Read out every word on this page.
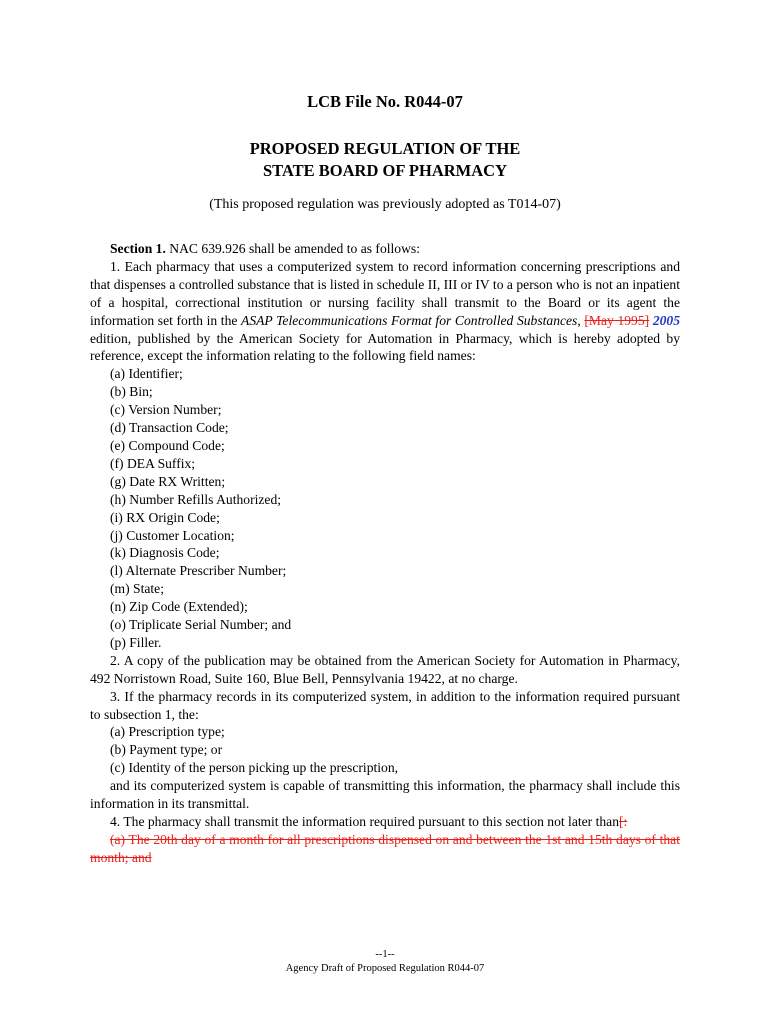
LCB File No. R044-07

PROPOSED REGULATION OF THE

STATE BOARD OF PHARMACY

(This proposed regulation was previously adopted as T014-07)

Section 1. NAC 639.926 shall be amended to as follows:

1. Each pharmacy that uses a computerized system to record information concerning prescriptions and that dispenses a controlled substance that is listed in schedule II, III or IV to a person who is not an inpatient of a hospital, correctional institution or nursing facility shall transmit to the Board or its agent the information set forth in the ASAP Telecommunications Format for Controlled Substances, [May 1995] 2005 edition, published by the American Society for Automation in Pharmacy, which is hereby adopted by reference, except the information relating to the following field names:

(a) Identifier;
(b) Bin;
(c) Version Number;
(d) Transaction Code;
(e) Compound Code;
(f) DEA Suffix;
(g) Date RX Written;
(h) Number Refills Authorized;
(i) RX Origin Code;
(j) Customer Location;
(k) Diagnosis Code;
(l) Alternate Prescriber Number;
(m) State;
(n) Zip Code (Extended);
(o) Triplicate Serial Number; and
(p) Filler.

2. A copy of the publication may be obtained from the American Society for Automation in Pharmacy, 492 Norristown Road, Suite 160, Blue Bell, Pennsylvania 19422, at no charge.

3. If the pharmacy records in its computerized system, in addition to the information required pursuant to subsection 1, the:

(a) Prescription type;
(b) Payment type; or
(c) Identity of the person picking up the prescription,

and its computerized system is capable of transmitting this information, the pharmacy shall include this information in its transmittal.

4. The pharmacy shall transmit the information required pursuant to this section not later than[:

(a) The 20th day of a month for all prescriptions dispensed on and between the 1st and 15th days of that month; and

--1--
Agency Draft of Proposed Regulation R044-07
